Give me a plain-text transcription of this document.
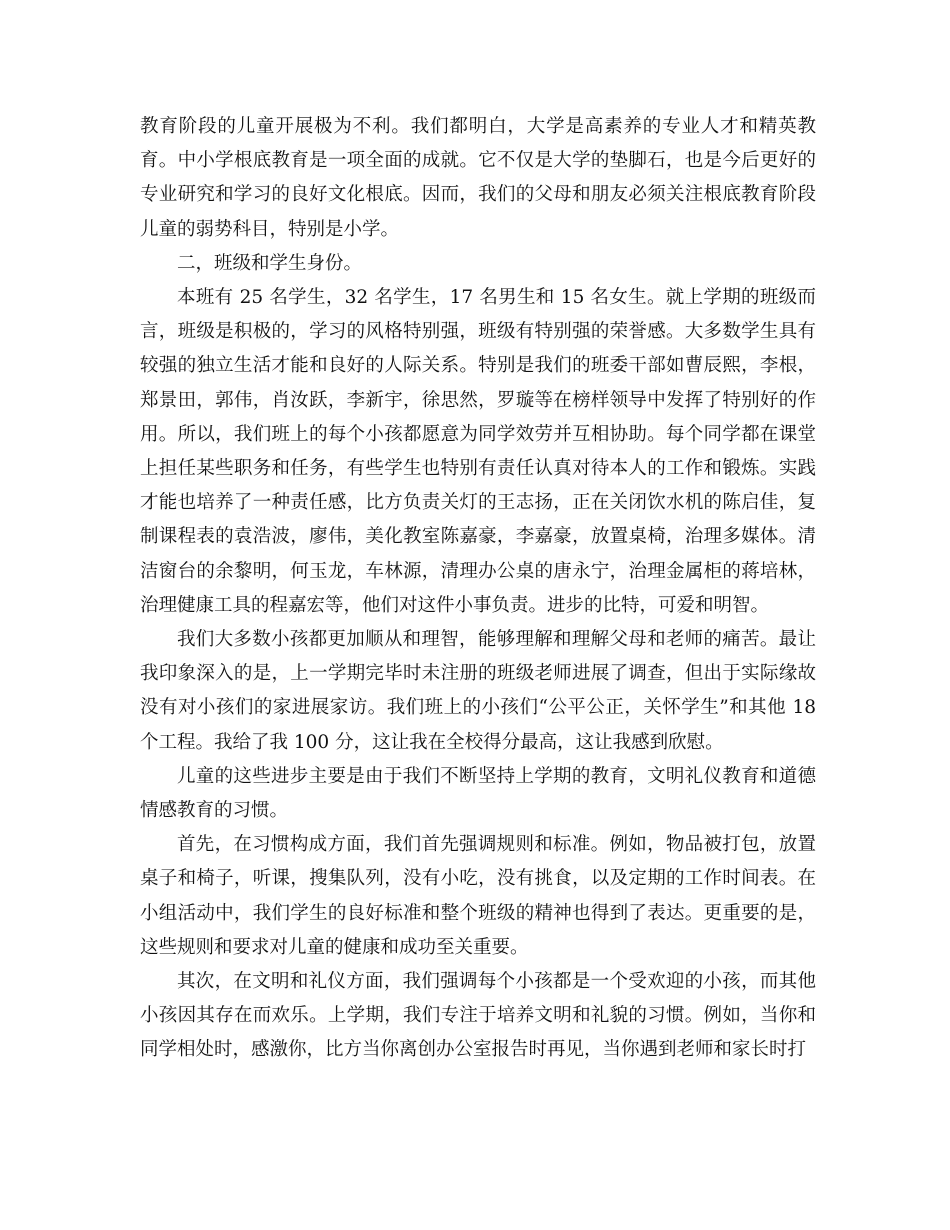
教育阶段的儿童开展极为不利。我们都明白，大学是高素养的专业人才和精英教育。中小学根底教育是一项全面的成就。它不仅是大学的垫脚石，也是今后更好的专业研究和学习的良好文化根底。因而，我们的父母和朋友必须关注根底教育阶段儿童的弱势科目，特别是小学。

二，班级和学生身份。

本班有 25 名学生，32 名学生，17 名男生和 15 名女生。就上学期的班级而言，班级是积极的，学习的风格特别强，班级有特别强的荣誉感。大多数学生具有较强的独立生活才能和良好的人际关系。特别是我们的班委干部如曹辰熙，李根，郑景田，郭伟，肖汝跃，李新宇，徐思然，罗璇等在榜样领导中发挥了特别好的作用。所以，我们班上的每个小孩都愿意为同学效劳并互相协助。每个同学都在课堂上担任某些职务和任务，有些学生也特别有责任认真对待本人的工作和锻炼。实践才能也培养了一种责任感，比方负责关灯的王志扬，正在关闭饮水机的陈启佳，复制课程表的袁浩波，廖伟，美化教室陈嘉豪，李嘉豪，放置桌椅，治理多媒体。清洁窗台的余黎明，何玉龙，车林源，清理办公桌的唐永宁，治理金属柜的蒋培林，治理健康工具的程嘉宏等，他们对这件小事负责。进步的比特，可爱和明智。

我们大多数小孩都更加顺从和理智，能够理解和理解父母和老师的痛苦。最让我印象深入的是，上一学期完毕时未注册的班级老师进展了调查，但出于实际缘故没有对小孩们的家进展家访。我们班上的小孩们“公平公正，关怀学生”和其他 18 个工程。我给了我 100 分，这让我在全校得分最高，这让我感到欣慰。

儿童的这些进步主要是由于我们不断坚持上学期的教育，文明礼仪教育和道德情感教育的习惯。

首先，在习惯构成方面，我们首先强调规则和标准。例如，物品被打包，放置桌子和椅子，听课，搜集队列，没有小吃，没有挑食，以及定期的工作时间表。在小组活动中，我们学生的良好标准和整个班级的精神也得到了表达。更重要的是，这些规则和要求对儿童的健康和成功至关重要。

其次，在文明和礼仪方面，我们强调每个小孩都是一个受欢迎的小孩，而其他小孩因其存在而欢乐。上学期，我们专注于培养文明和礼貌的习惯。例如，当你和同学相处时，感激你，比方当你离创办公室报告时再见，当你遇到老师和家长时打
